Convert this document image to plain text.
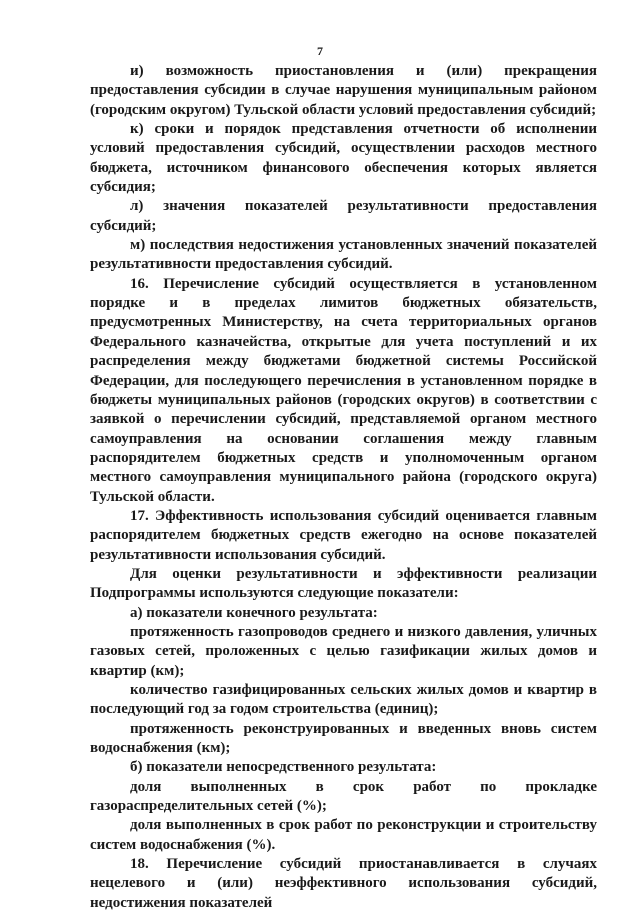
7

и) возможность приостановления и (или) прекращения предоставления субсидии в случае нарушения муниципальным районом (городским округом) Тульской области условий предоставления субсидий;

к) сроки и порядок представления отчетности об исполнении условий предоставления субсидий, осуществлении расходов местного бюджета, источником финансового обеспечения которых является субсидия;

л) значения показателей результативности предоставления субсидий;

м) последствия недостижения установленных значений показателей результативности предоставления субсидий.

16. Перечисление субсидий осуществляется в установленном порядке и в пределах лимитов бюджетных обязательств, предусмотренных Министерству, на счета территориальных органов Федерального казначейства, открытые для учета поступлений и их распределения между бюджетами бюджетной системы Российской Федерации, для последующего перечисления в установленном порядке в бюджеты муниципальных районов (городских округов) в соответствии с заявкой о перечислении субсидий, представляемой органом местного самоуправления на основании соглашения между главным распорядителем бюджетных средств и уполномоченным органом местного самоуправления муниципального района (городского округа) Тульской области.

17. Эффективность использования субсидий оценивается главным распорядителем бюджетных средств ежегодно на основе показателей результативности использования субсидий.

Для оценки результативности и эффективности реализации Подпрограммы используются следующие показатели:

а) показатели конечного результата:

протяженность газопроводов среднего и низкого давления, уличных газовых сетей, проложенных с целью газификации жилых домов и квартир (км);

количество газифицированных сельских жилых домов и квартир в последующий год за годом строительства (единиц);

протяженность реконструированных и введенных вновь систем водоснабжения (км);

б) показатели непосредственного результата:

доля выполненных в срок работ по прокладке газораспределительных сетей (%);

доля выполненных в срок работ по реконструкции и строительству систем водоснабжения (%).

18. Перечисление субсидий приостанавливается в случаях нецелевого и (или) неэффективного использования субсидий, недостижения показателей
